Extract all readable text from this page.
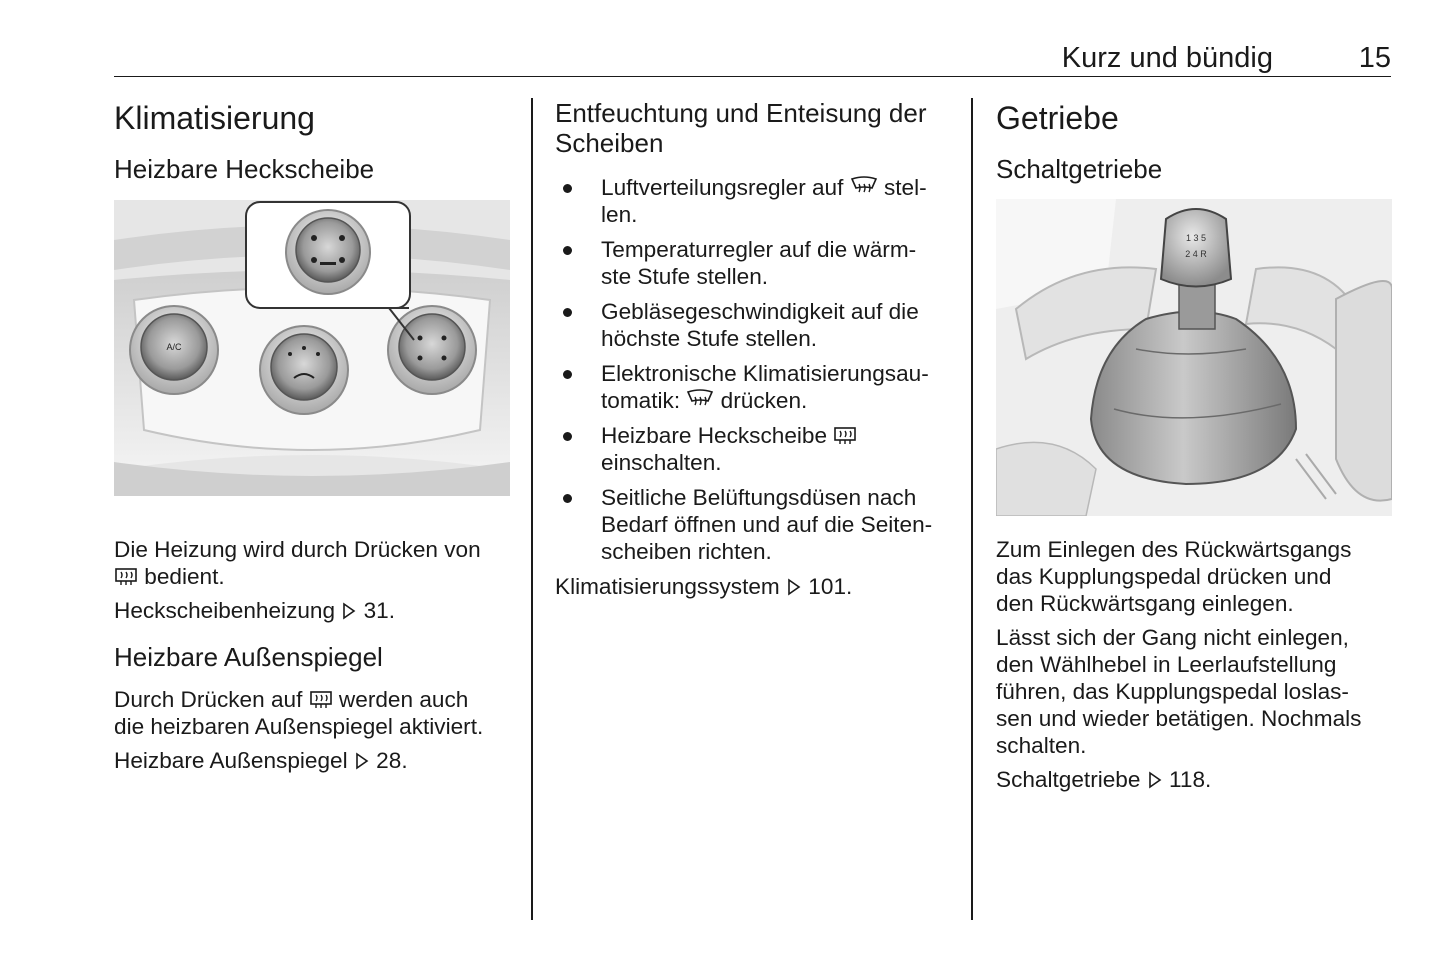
Kurz und bündig	15
Klimatisierung
Heizbare Heckscheibe
A/C

Die Heizung wird durch Drücken von
bedient.

Heckscheibenheizung  31.

Heizbare Außenspiegel

Durch Drücken auf  werden auch
die heizbaren Außenspiegel aktiviert.

Heizbare Außenspiegel  28.

Entfeuchtung und Enteisung der
Scheiben
Luftverteilungsregler auf  stel-
len.
Temperaturregler auf die wärm-
ste Stufe stellen.
Gebläsegeschwindigkeit auf die
höchste Stufe stellen.
Elektronische Klimatisierungsau-
tomatik:  drücken.
Heizbare Heckscheibe
einschalten.
Seitliche Belüftungsdüsen nach
Bedarf öffnen und auf die Seiten-
scheiben richten.

Klimatisierungssystem  101.

Getriebe
Schaltgetriebe
1 3 5
2 4 R

Zum Einlegen des Rückwärtsgangs
das Kupplungspedal drücken und
den Rückwärtsgang einlegen.

Lässt sich der Gang nicht einlegen,
den Wählhebel in Leerlaufstellung
führen, das Kupplungspedal loslas-
sen und wieder betätigen. Nochmals
schalten.

Schaltgetriebe  118.
